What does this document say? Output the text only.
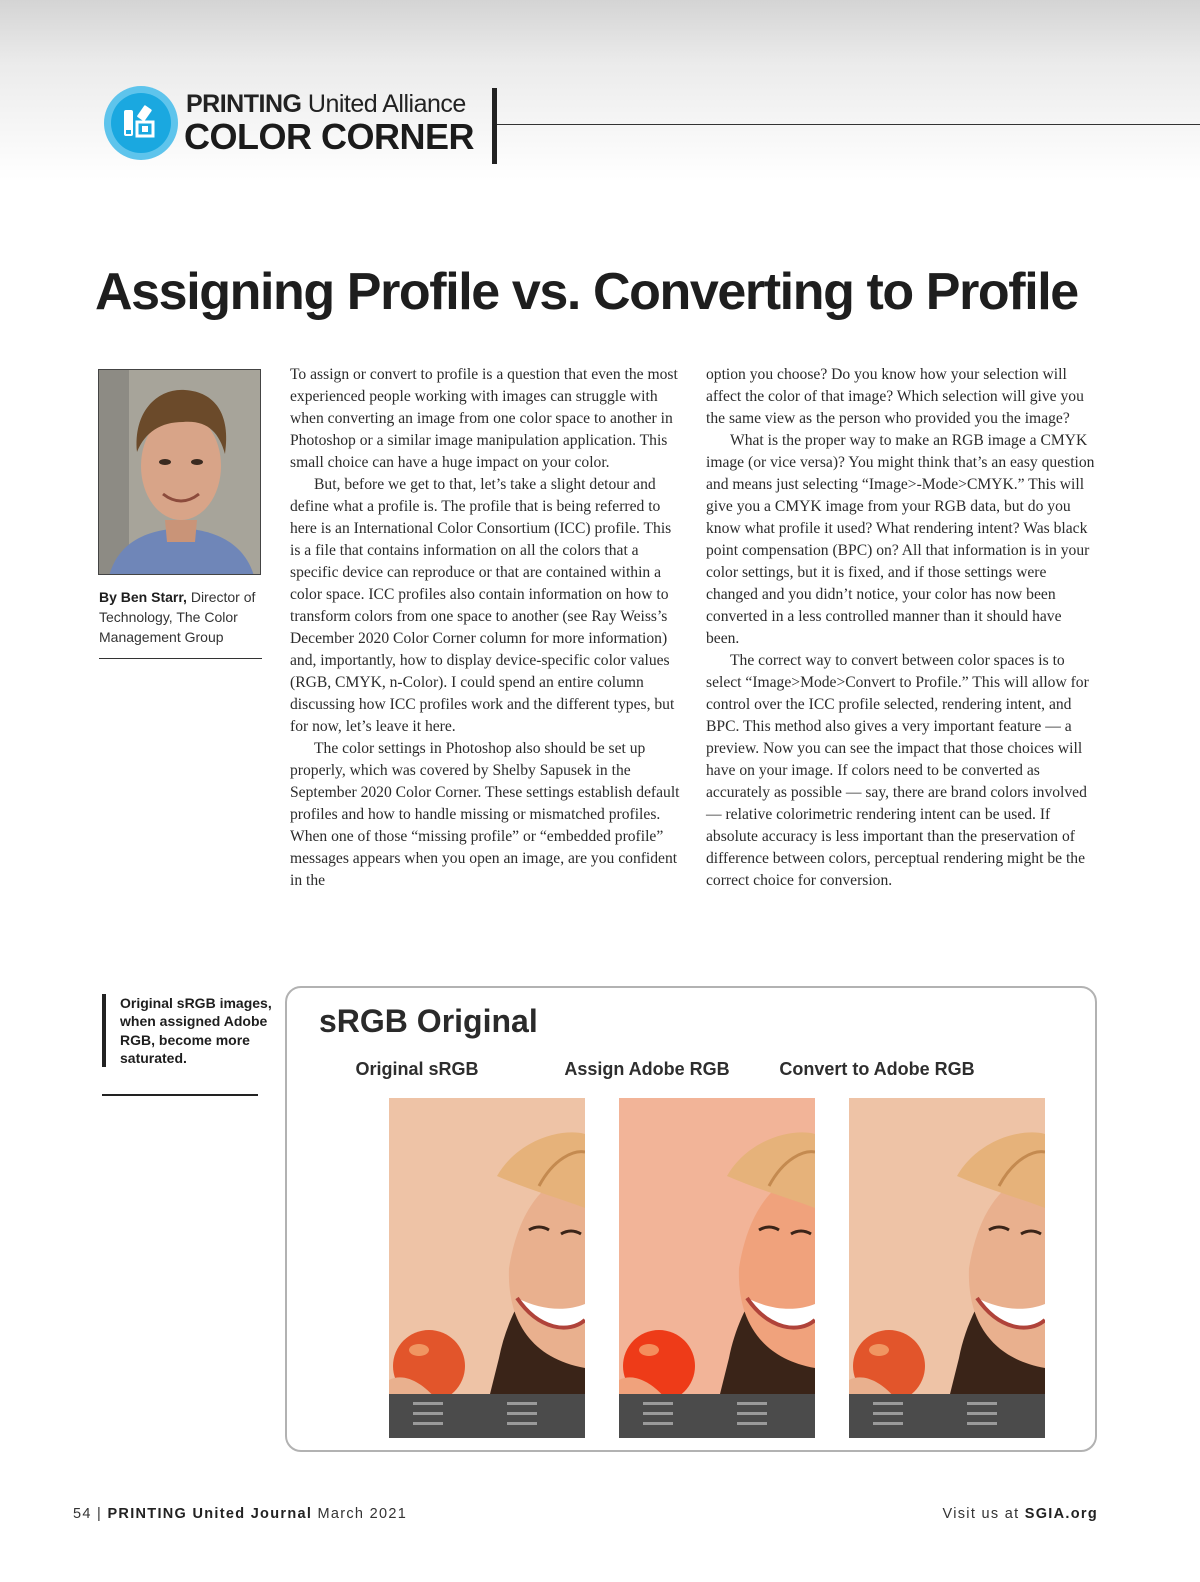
PRINTING United Alliance
COLOR CORNER
Assigning Profile vs. Converting to Profile
By Ben Starr, Director of Technology, The Color Management Group

To assign or convert to profile is a question that even the most experienced people working with images can struggle with when converting an image from one color space to another in Photoshop or a similar image manipulation application. This small choice can have a huge impact on your color.

But, before we get to that, let’s take a slight detour and define what a profile is. The profile that is being referred to here is an International Color Consortium (ICC) profile. This is a file that contains information on all the colors that a specific device can reproduce or that are contained within a color space. ICC profiles also contain information on how to transform colors from one space to another (see Ray Weiss’s December 2020 Color Corner column for more information) and, importantly, how to display device-specific color values (RGB, CMYK, n-Color). I could spend an entire column discussing how ICC profiles work and the different types, but for now, let’s leave it here.

The color settings in Photoshop also should be set up properly, which was covered by Shelby Sapusek in the September 2020 Color Corner. These settings establish default profiles and how to handle missing or mismatched profiles. When one of those “missing profile” or “embedded profile” messages appears when you open an image, are you confident in the

option you choose? Do you know how your selection will affect the color of that image? Which selection will give you the same view as the person who provided you the image?

What is the proper way to make an RGB image a CMYK image (or vice versa)? You might think that’s an easy question and means just selecting “Image>-Mode>CMYK.” This will give you a CMYK image from your RGB data, but do you know what profile it used? What rendering intent? Was black point compensation (BPC) on? All that information is in your color settings, but it is fixed, and if those settings were changed and you didn’t notice, your color has now been converted in a less controlled manner than it should have been.

The correct way to convert between color spaces is to select “Image>Mode>Convert to Profile.” This will allow for control over the ICC profile selected, rendering intent, and BPC. This method also gives a very important feature — a preview. Now you can see the impact that those choices will have on your image. If colors need to be converted as accurately as possible — say, there are brand colors involved — relative colorimetric rendering intent can be used. If absolute accuracy is less important than the preservation of difference between colors, perceptual rendering might be the correct choice for conversion.

Original sRGB images, when assigned Adobe RGB, become more saturated.
sRGB Original
Original sRGB	Assign Adobe RGB	Convert to Adobe RGB
54 | PRINTING United Journal March 2021	Visit us at SGIA.org
